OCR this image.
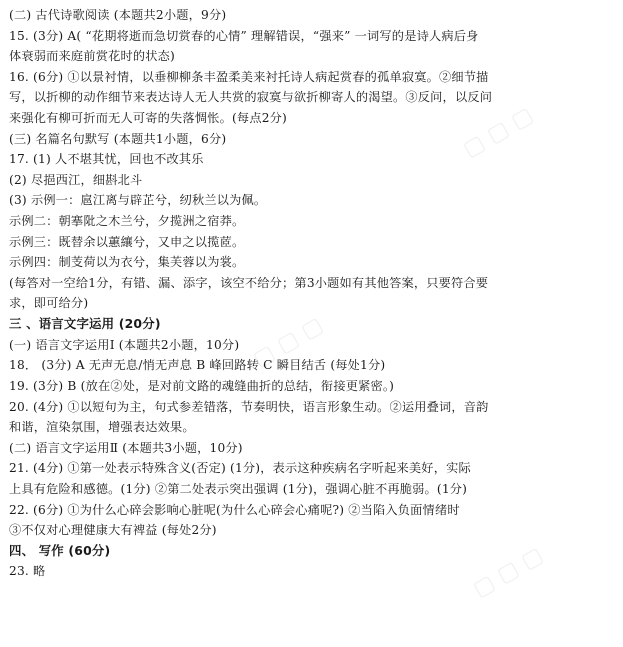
▢ ▢ ▢
▢ ▢ ▢
▢ ▢ ▢
(二) 古代诗歌阅读 (本题共2小题，9分)
15. (3分) A( “花期将逝而急切赏春的心情” 理解错误，“强来” 一词写的是诗人病后身
体衰弱而来庭前赏花时的状态)
16. (6分) ①以景衬情，以垂柳柳条丰盈柔美来衬托诗人病起赏春的孤单寂寞。②细节描
写，以折柳的动作细节来表达诗人无人共赏的寂寞与欲折柳寄人的渴望。③反问，以反问
来强化有柳可折而无人可寄的失落惆怅。(每点2分)
(三) 名篇名句默写 (本题共1小题，6分)
17. (1) 人不堪其忧，回也不改其乐
(2) 尽挹西江，细斟北斗
(3) 示例一：扈江离与辟芷兮，纫秋兰以为佩。
示例二：朝搴阰之木兰兮，夕揽洲之宿莽。
示例三：既替余以蕙纕兮，又申之以揽茝。
示例四：制芰荷以为衣兮，集芙蓉以为裳。
(每答对一空给1分，有错、漏、添字，该空不给分；第3小题如有其他答案，只要符合要
求，即可给分)
三 、语言文字运用 (20分)
(一) 语言文字运用Ⅰ (本题共2小题，10分)
18． (3分) A 无声无息/悄无声息 B 峰回路转 C 瞬目结舌 (每处1分)
19. (3分) B (放在②处，是对前文路的魂缝曲折的总结，衔接更紧密。)
20. (4分) ①以短句为主，句式参差错落，节奏明快，语言形象生动。②运用叠词，音韵
和谐，渲染氛围，增强表达效果。
(二) 语言文字运用Ⅱ (本题共3小题，10分)
21. (4分) ①第一处表示特殊含义(否定) (1分)，表示这种疾病名字听起来美好，实际
上具有危险和感德。(1分) ②第二处表示突出强调 (1分)，强调心脏不再脆弱。(1分)
22. (6分) ①为什么心碎会影响心脏呢(为什么心碎会心痛呢?) ②当陷入负面情绪时
③不仅对心理健康大有裨益 (每处2分)
四、 写作 (60分)
23. 略
